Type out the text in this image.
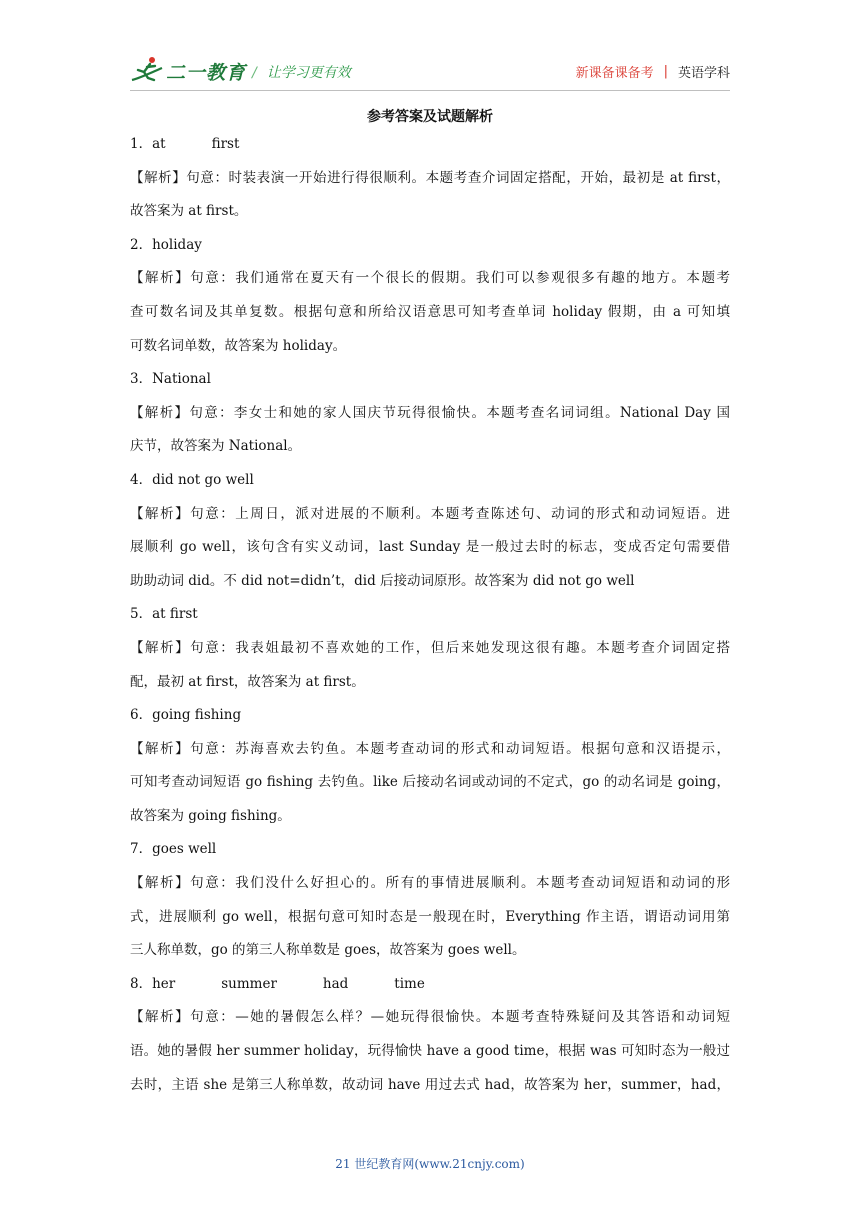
二一教育 / 让学习更有效	新课备课备考 | 英语学科
参考答案及试题解析
1．at	first
【解析】句意：时装表演一开始进行得很顺利。本题考查介词固定搭配，开始，最初是 at first，
故答案为 at first。
2．holiday
【解析】句意：我们通常在夏天有一个很长的假期。我们可以参观很多有趣的地方。本题考
查可数名词及其单复数。根据句意和所给汉语意思可知考查单词 holiday 假期，由 a 可知填
可数名词单数，故答案为 holiday。
3．National
【解析】句意：李女士和她的家人国庆节玩得很愉快。本题考查名词词组。National Day 国
庆节，故答案为 National。
4．did not go well
【解析】句意：上周日，派对进展的不顺利。本题考查陈述句、动词的形式和动词短语。进
展顺利 go well，该句含有实义动词，last Sunday 是一般过去时的标志，变成否定句需要借
助助动词 did。不 did not=didn’t，did 后接动词原形。故答案为 did not go well
5．at first
【解析】句意：我表姐最初不喜欢她的工作，但后来她发现这很有趣。本题考查介词固定搭
配，最初 at first，故答案为 at first。
6．going fishing
【解析】句意：苏海喜欢去钓鱼。本题考查动词的形式和动词短语。根据句意和汉语提示，
可知考查动词短语 go fishing 去钓鱼。like 后接动名词或动词的不定式，go 的动名词是 going，
故答案为 going fishing。
7．goes well
【解析】句意：我们没什么好担心的。所有的事情进展顺利。本题考查动词短语和动词的形
式，进展顺利 go well，根据句意可知时态是一般现在时，Everything 作主语，谓语动词用第
三人称单数，go 的第三人称单数是 goes，故答案为 goes well。
8．her	summer	had	time
【解析】句意：—她的暑假怎么样？—她玩得很愉快。本题考查特殊疑问及其答语和动词短
语。她的暑假 her summer holiday，玩得愉快 have a good time，根据 was 可知时态为一般过
去时，主语 she 是第三人称单数，故动词 have 用过去式 had，故答案为 her，summer，had，
21 世纪教育网(www.21cnjy.com)
